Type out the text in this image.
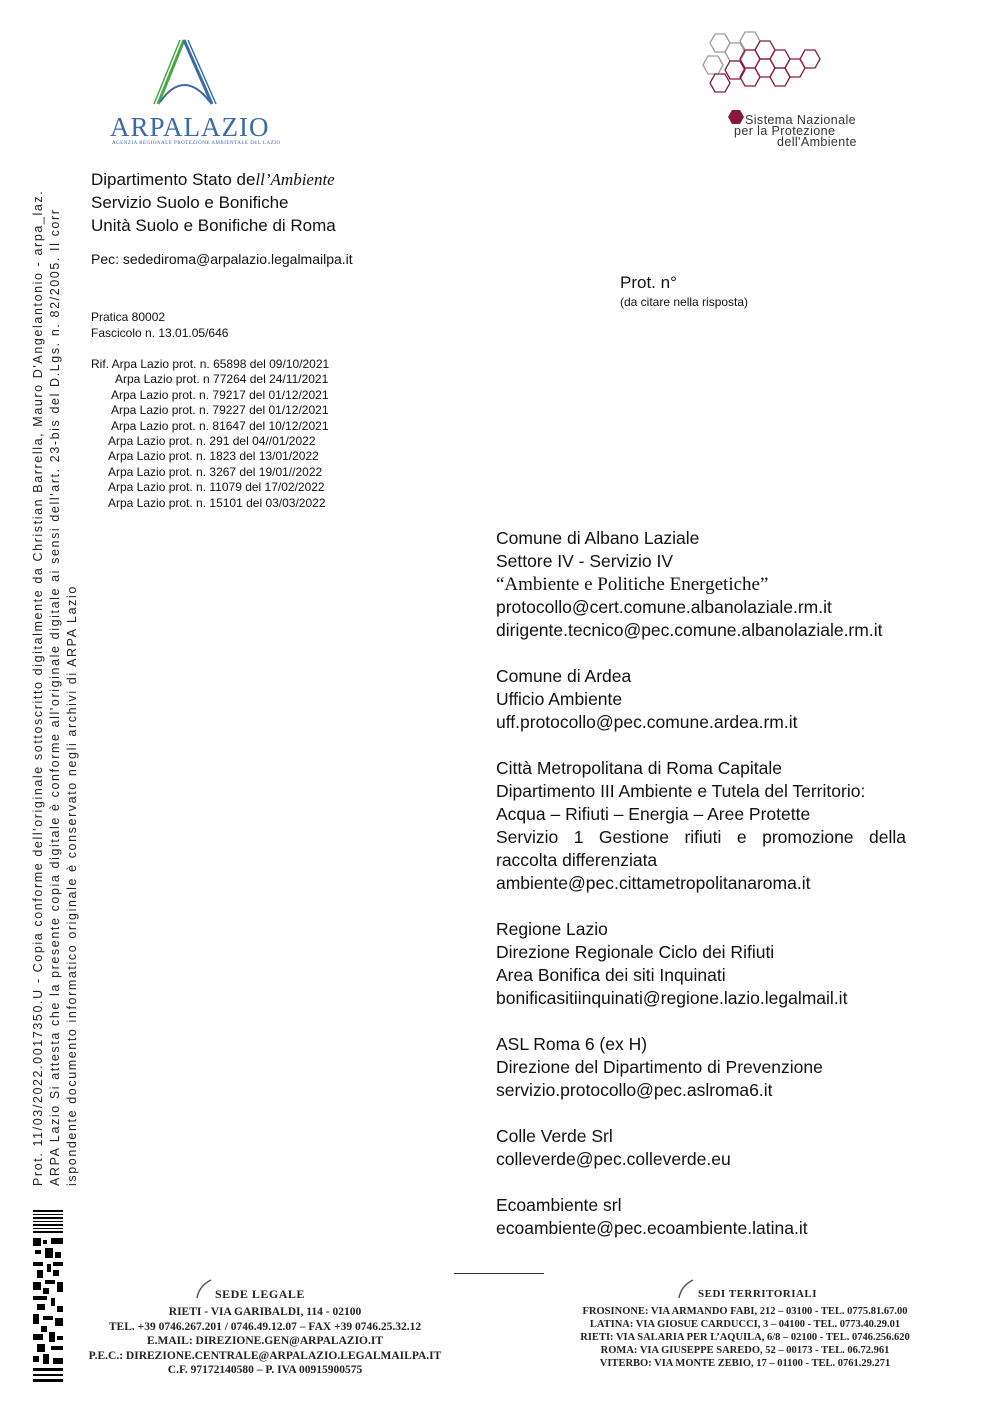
Prot. 11/03/2022.0017350.U - Copia conforme dell'originale sottoscritto digitalmente da Christian Barrella, Mauro D'Angelantonio - arpa_laz. ARPA Lazio Si attesta che la presente copia digitale è conforme all'originale digitale ai sensi dell'art. 23-bis del D.Lgs. n. 82/2005. Il corr ispondente documento informatico originale è conservato negli archivi di ARPA Lazio
ARPALAZIO
AGENZIA REGIONALE PROTEZIONE AMBIENTALE DEL LAZIO
Sistema Nazionale
per la Protezione
dell'Ambiente
Dipartimento Stato dell’Ambiente
Servizio Suolo e Bonifiche
Unità Suolo e Bonifiche di Roma
Pec: sedediroma@arpalazio.legalmailpa.it
Prot. n°
(da citare nella risposta)
Pratica 80002
Fascicolo n. 13.01.05/646
Rif. Arpa Lazio prot. n. 65898 del 09/10/2021
Arpa Lazio prot. n 77264 del 24/11/2021
Arpa Lazio prot. n. 79217 del 01/12/2021
Arpa Lazio prot. n. 79227 del 01/12/2021
Arpa Lazio prot. n. 81647 del 10/12/2021
Arpa Lazio prot. n. 291 del 04//01/2022
Arpa Lazio prot. n. 1823 del 13/01/2022
Arpa Lazio prot. n. 3267 del 19/01//2022
Arpa Lazio prot. n. 11079 del 17/02/2022
Arpa Lazio prot. n. 15101 del 03/03/2022
Comune di Albano Laziale
Settore IV - Servizio IV
“Ambiente e Politiche Energetiche”
protocollo@cert.comune.albanolaziale.rm.it
dirigente.tecnico@pec.comune.albanolaziale.rm.it
Comune di Ardea
Ufficio Ambiente
uff.protocollo@pec.comune.ardea.rm.it
Città Metropolitana di Roma Capitale
Dipartimento III Ambiente e Tutela del Territorio:
Acqua – Rifiuti – Energia – Aree Protette
Servizio 1 Gestione rifiuti e promozione della
raccolta differenziata
ambiente@pec.cittametropolitanaroma.it
Regione Lazio
Direzione Regionale Ciclo dei Rifiuti
Area Bonifica dei siti Inquinati
bonificasitiinquinati@regione.lazio.legalmail.it
ASL Roma 6 (ex H)
Direzione del Dipartimento di Prevenzione
servizio.protocollo@pec.aslroma6.it
Colle Verde Srl
colleverde@pec.colleverde.eu
Ecoambiente srl
ecoambiente@pec.ecoambiente.latina.it
SEDE LEGALE
RIETI - VIA GARIBALDI, 114 - 02100
TEL. +39 0746.267.201 / 0746.49.12.07 – FAX +39 0746.25.32.12
E.MAIL: DIREZIONE.GEN@ARPALAZIO.IT
P.E.C.: DIREZIONE.CENTRALE@ARPALAZIO.LEGALMAILPA.IT
C.F. 97172140580 – P. IVA 00915900575
SEDI TERRITORIALI
FROSINONE: VIA ARMANDO FABI, 212 – 03100 - TEL. 0775.81.67.00
LATINA: VIA GIOSUE CARDUCCI, 3 – 04100 - TEL. 0773.40.29.01
RIETI: VIA SALARIA PER L’AQUILA, 6/8 – 02100 - TEL. 0746.256.620
ROMA: VIA GIUSEPPE SAREDO, 52 – 00173 - TEL. 06.72.961
VITERBO: VIA MONTE ZEBIO, 17 – 01100 - TEL. 0761.29.271
